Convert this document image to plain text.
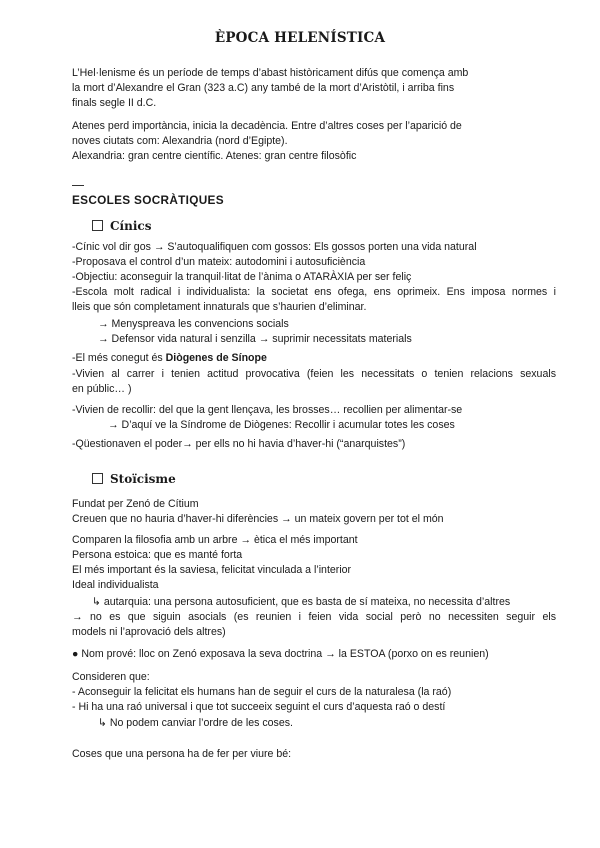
ÈPOCA HELENÍSTICA
L’Hel·lenisme és un període de temps d’abast històricament difús que comença amb
la mort d’Alexandre el Gran (323 a.C) any també de la mort d’Aristòtil, i arriba fins
finals segle II d.C.
Atenes perd importància, inicia la decadència. Entre d’altres coses per l’aparició de
noves ciutats com: Alexandria (nord d’Egipte).
Alexandria: gran centre científic. Atenes: gran centre filosòfic
ESCOLES SOCRÀTIQUES
Cínics
-Cínic vol dir gos → S’autoqualifiquen com gossos: Els gossos porten una vida natural
-Proposava el control d’un mateix: autodomini i autosuficiència
-Objectiu: aconseguir la tranquil·litat de l’ànima o ATARÀXIA per ser feliç
-Escola molt radical i individualista: la societat ens ofega, ens oprimeix. Ens imposa normes i
lleis que són completament innaturals que s’haurien d’eliminar.
→ Menyspreava les convencions socials
→ Defensor vida natural i senzilla → suprimir necessitats materials
-El més conegut és Diògenes de Sínope
-Vivien al carrer i tenien actitud provocativa (feien les necessitats o tenien relacions sexuals
en públic… )
-Vivien de recollir: del que la gent llençava, les brosses… recollien per alimentar-se
→ D’aquí ve la Síndrome de Diògenes: Recollir i acumular totes les coses
-Qüestionaven el poder→ per ells no hi havia d’haver-hi (“anarquistes”)
Stoïcisme
Fundat per Zenó de Cítium
Creuen que no hauria d’haver-hi diferències → un mateix govern per tot el món
Comparen la filosofia amb un arbre → ètica el més important
Persona estoica: que es manté forta
El més important és la saviesa, felicitat vinculada a l’interior
Ideal individualista
↳ autarquia: una persona autosuficient, que es basta de sí mateixa, no necessita d’altres
→ no es que siguin asocials (es reunien i feien vida social però no necessiten seguir els
models ni l’aprovació dels altres)
● Nom prové: lloc on Zenó exposava la seva doctrina → la ESTOA (porxo on es reunien)
Consideren que:
- Aconseguir la felicitat els humans han de seguir el curs de la naturalesa (la raó)
- Hi ha una raó universal i que tot succeeix seguint el curs d’aquesta raó o destí
↳ No podem canviar l’ordre de les coses.
Coses que una persona ha de fer per viure bé:
